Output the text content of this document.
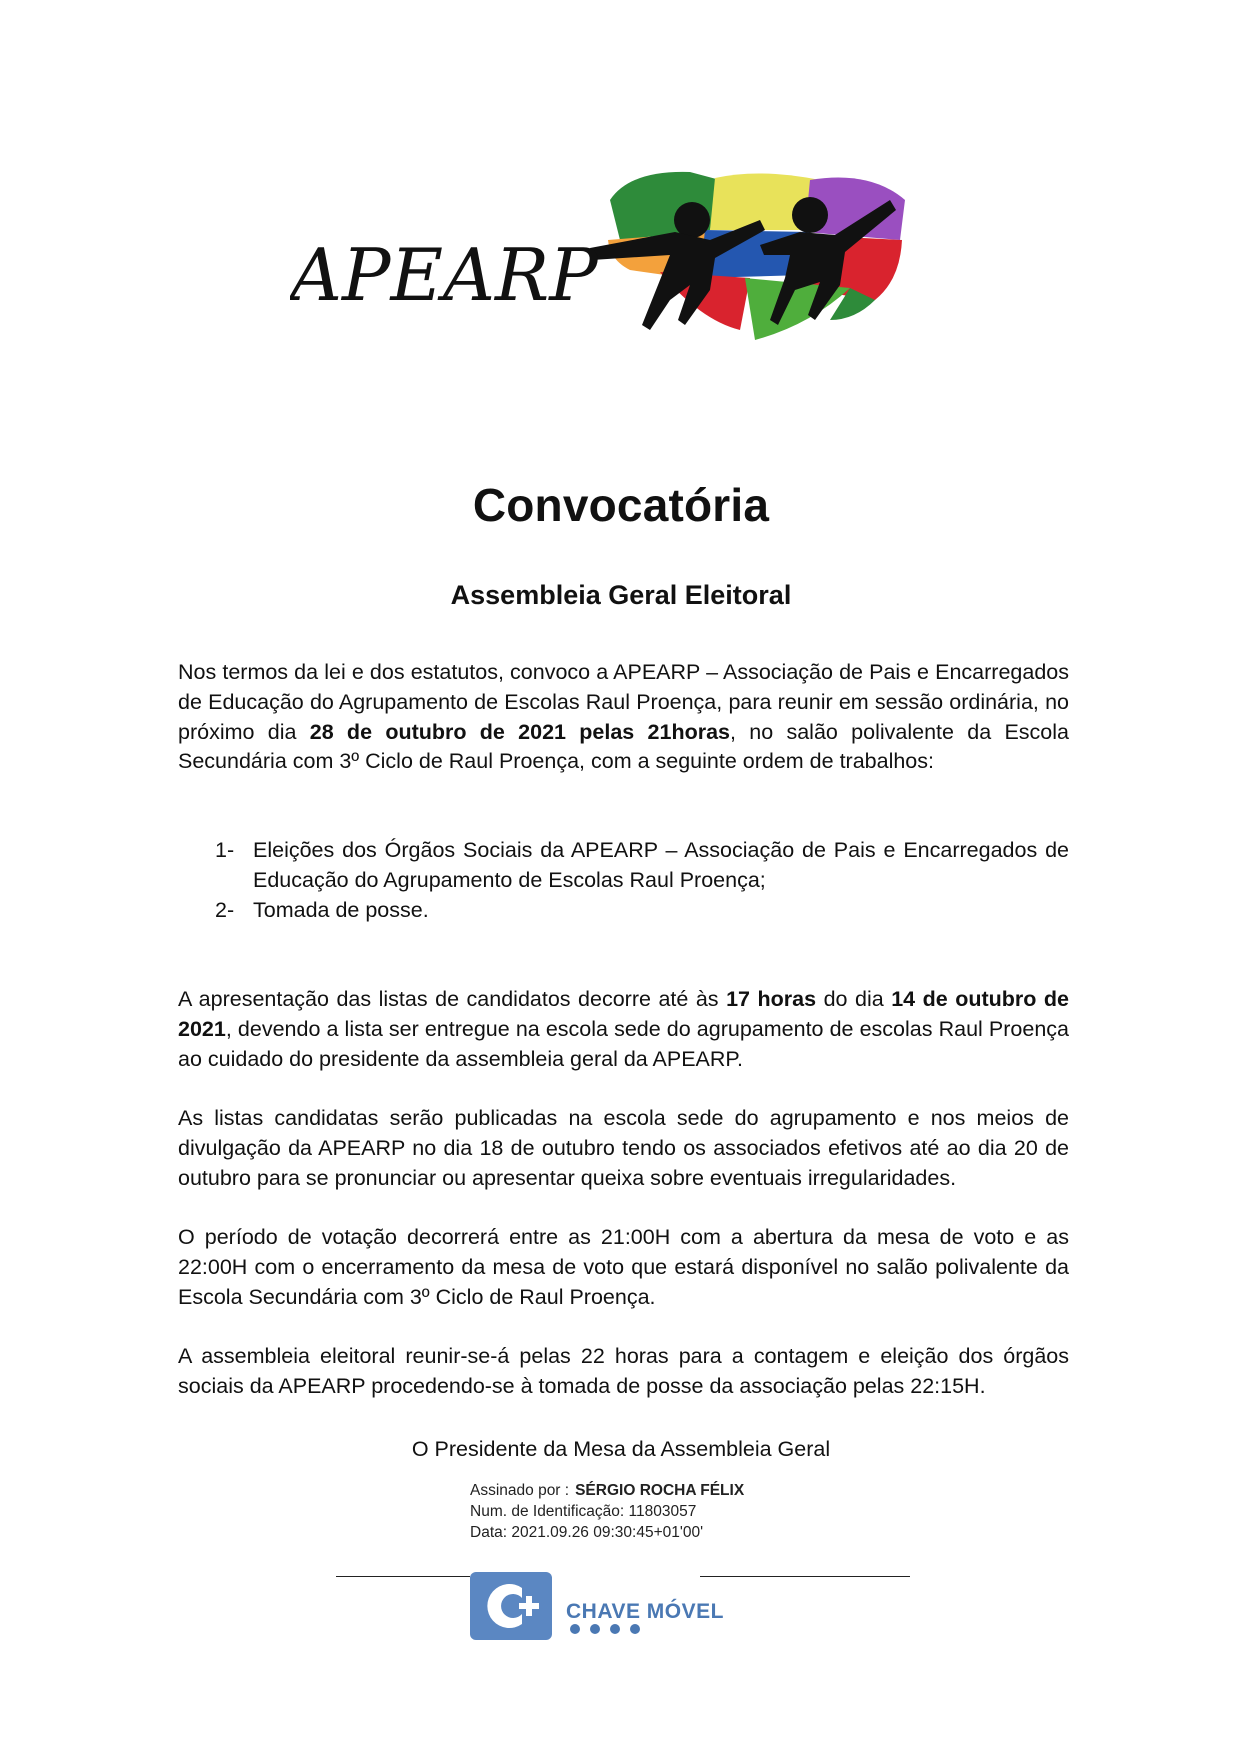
APEARP
Convocatória
Assembleia Geral Eleitoral
Nos termos da lei e dos estatutos, convoco a APEARP – Associação de Pais e Encarregados de Educação do Agrupamento de Escolas Raul Proença, para reunir em sessão ordinária, no próximo dia 28 de outubro de 2021 pelas 21horas, no salão polivalente da Escola Secundária com 3º Ciclo de Raul Proença, com a seguinte ordem de trabalhos:
1- Eleições dos Órgãos Sociais da APEARP – Associação de Pais e Encarregados de Educação do Agrupamento de Escolas Raul Proença;
2- Tomada de posse.
A apresentação das listas de candidatos decorre até às 17 horas do dia 14 de outubro de 2021, devendo a lista ser entregue na escola sede do agrupamento de escolas Raul Proença ao cuidado do presidente da assembleia geral da APEARP.
As listas candidatas serão publicadas na escola sede do agrupamento e nos meios de divulgação da APEARP no dia 18 de outubro tendo os associados efetivos até ao dia 20 de outubro para se pronunciar ou apresentar queixa sobre eventuais irregularidades.
O período de votação decorrerá entre as 21:00H com a abertura da mesa de voto e as 22:00H com o encerramento da mesa de voto que estará disponível no salão polivalente da Escola Secundária com 3º Ciclo de Raul Proença.
A assembleia eleitoral reunir-se-á pelas 22 horas para a contagem e eleição dos órgãos sociais da APEARP procedendo-se à tomada de posse da associação pelas 22:15H.
O Presidente da Mesa da Assembleia Geral
Assinado por : SÉRGIO ROCHA FÉLIX
Num. de Identificação: 11803057
Data: 2021.09.26 09:30:45+01'00'
CHAVE MÓVEL
